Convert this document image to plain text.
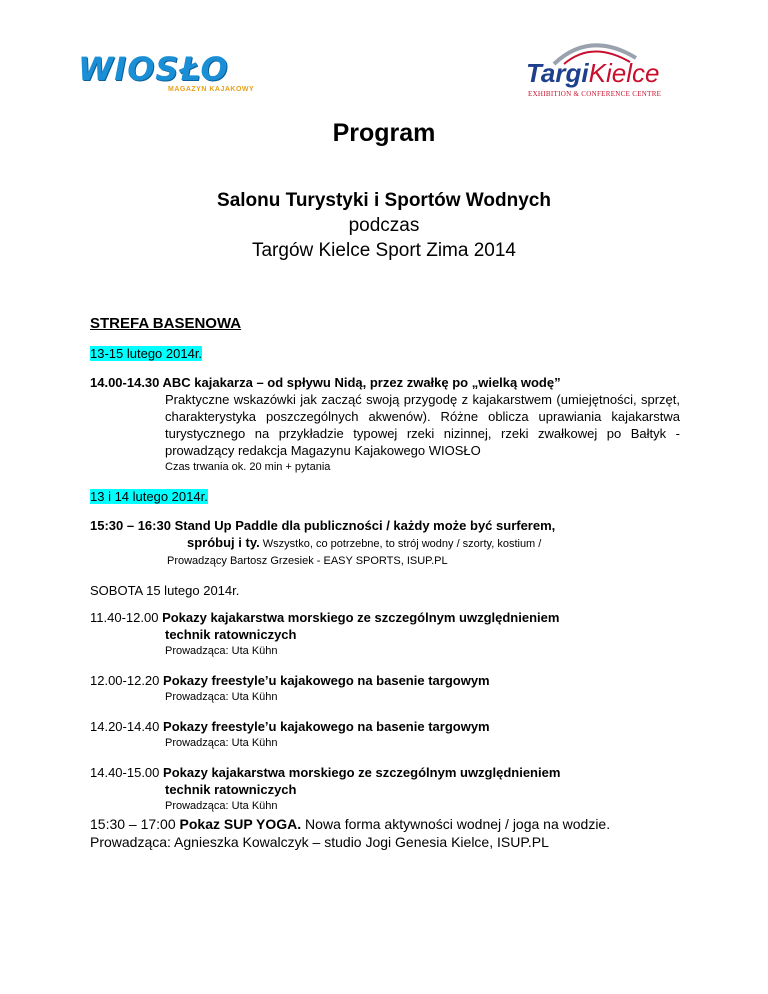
WIOSŁO
MAGAZYN KAJAKOWY
TargiKielce
EXHIBITION & CONFERENCE CENTRE
Program
Salonu Turystyki i Sportów Wodnych
podczas
Targów Kielce Sport Zima 2014
STREFA BASENOWA
13-15 lutego 2014r.
14.00-14.30 ABC kajakarza – od spływu Nidą, przez zwałkę po „wielką wodę”
Praktyczne wskazówki jak zacząć swoją przygodę z kajakarstwem (umiejętności, sprzęt, charakterystyka poszczególnych akwenów). Różne oblicza uprawiania kajakarstwa turystycznego na przykładzie typowej rzeki nizinnej, rzeki zwałkowej po Bałtyk - prowadzący redakcja Magazynu Kajakowego WIOSŁO
Czas trwania ok. 20 min + pytania
13 i 14 lutego 2014r.
15:30 – 16:30 Stand Up Paddle dla publiczności / każdy może być surferem,
spróbuj i ty. Wszystko, co potrzebne, to strój wodny / szorty, kostium /
Prowadzący Bartosz Grzesiek - EASY SPORTS, ISUP.PL
SOBOTA 15 lutego 2014r.
11.40-12.00 Pokazy kajakarstwa morskiego ze szczególnym uwzględnieniem
technik ratowniczych
Prowadząca: Uta Kühn
12.00-12.20 Pokazy freestyle’u kajakowego na basenie targowym
Prowadząca: Uta Kühn
14.20-14.40 Pokazy freestyle’u kajakowego na basenie targowym
Prowadząca: Uta Kühn
14.40-15.00 Pokazy kajakarstwa morskiego ze szczególnym uwzględnieniem
technik ratowniczych
Prowadząca: Uta Kühn
15:30 – 17:00 Pokaz SUP YOGA. Nowa forma aktywności wodnej / joga na wodzie.
Prowadząca: Agnieszka Kowalczyk – studio Jogi Genesia Kielce, ISUP.PL
